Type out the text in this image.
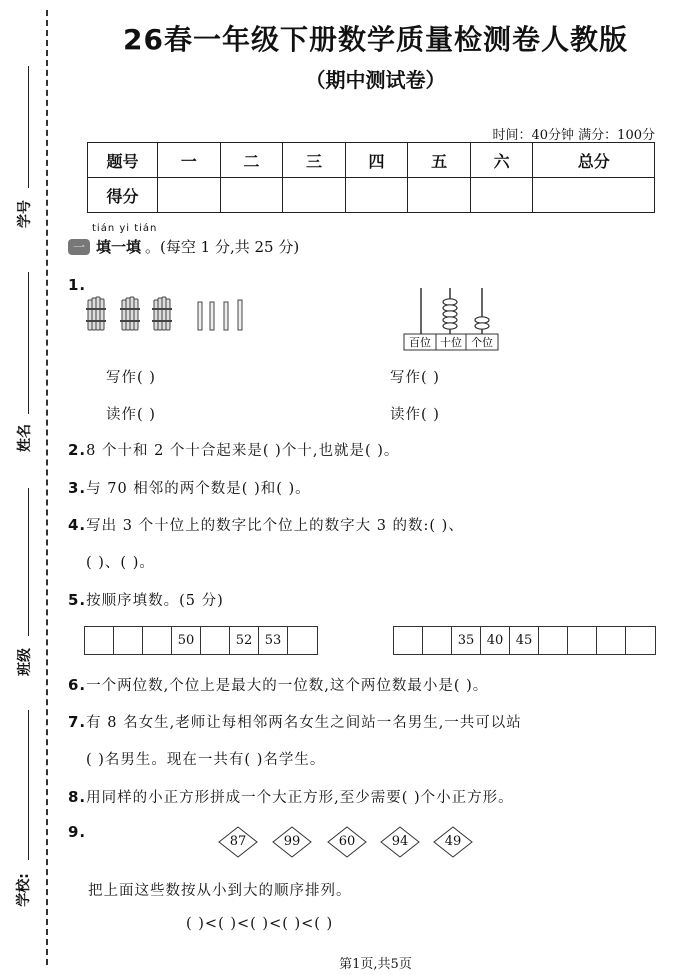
学号
姓名
班级
学校:
26春一年级下册数学质量检测卷人教版
（期中测试卷）
时间：40分钟 满分：100分
题号	一	二	三	四	五	六	总分
得分							
tián yi tián
一 填一填 。(每空 1 分,共 25 分)
1.
百位 十位 个位
写作( )
读作( )
写作( )
读作( )
2.8 个十和 2 个十合起来是( )个十,也就是( )。
3.与 70 相邻的两个数是( )和( )。
4.写出 3 个十位上的数字比个位上的数字大 3 的数:( )、
( )、( )。
5.按顺序填数。(5 分)
50	52 53	35 40 45
6.一个两位数,个位上是最大的一位数,这个两位数最小是( )。
7.有 8 名女生,老师让每相邻两名女生之间站一名男生,一共可以站
( )名男生。现在一共有( )名学生。
8.用同样的小正方形拼成一个大正方形,至少需要( )个小正方形。
9.
87	99	60	94	49
把上面这些数按从小到大的顺序排列。
( )<( )<( )<( )<( )
第1页,共5页
